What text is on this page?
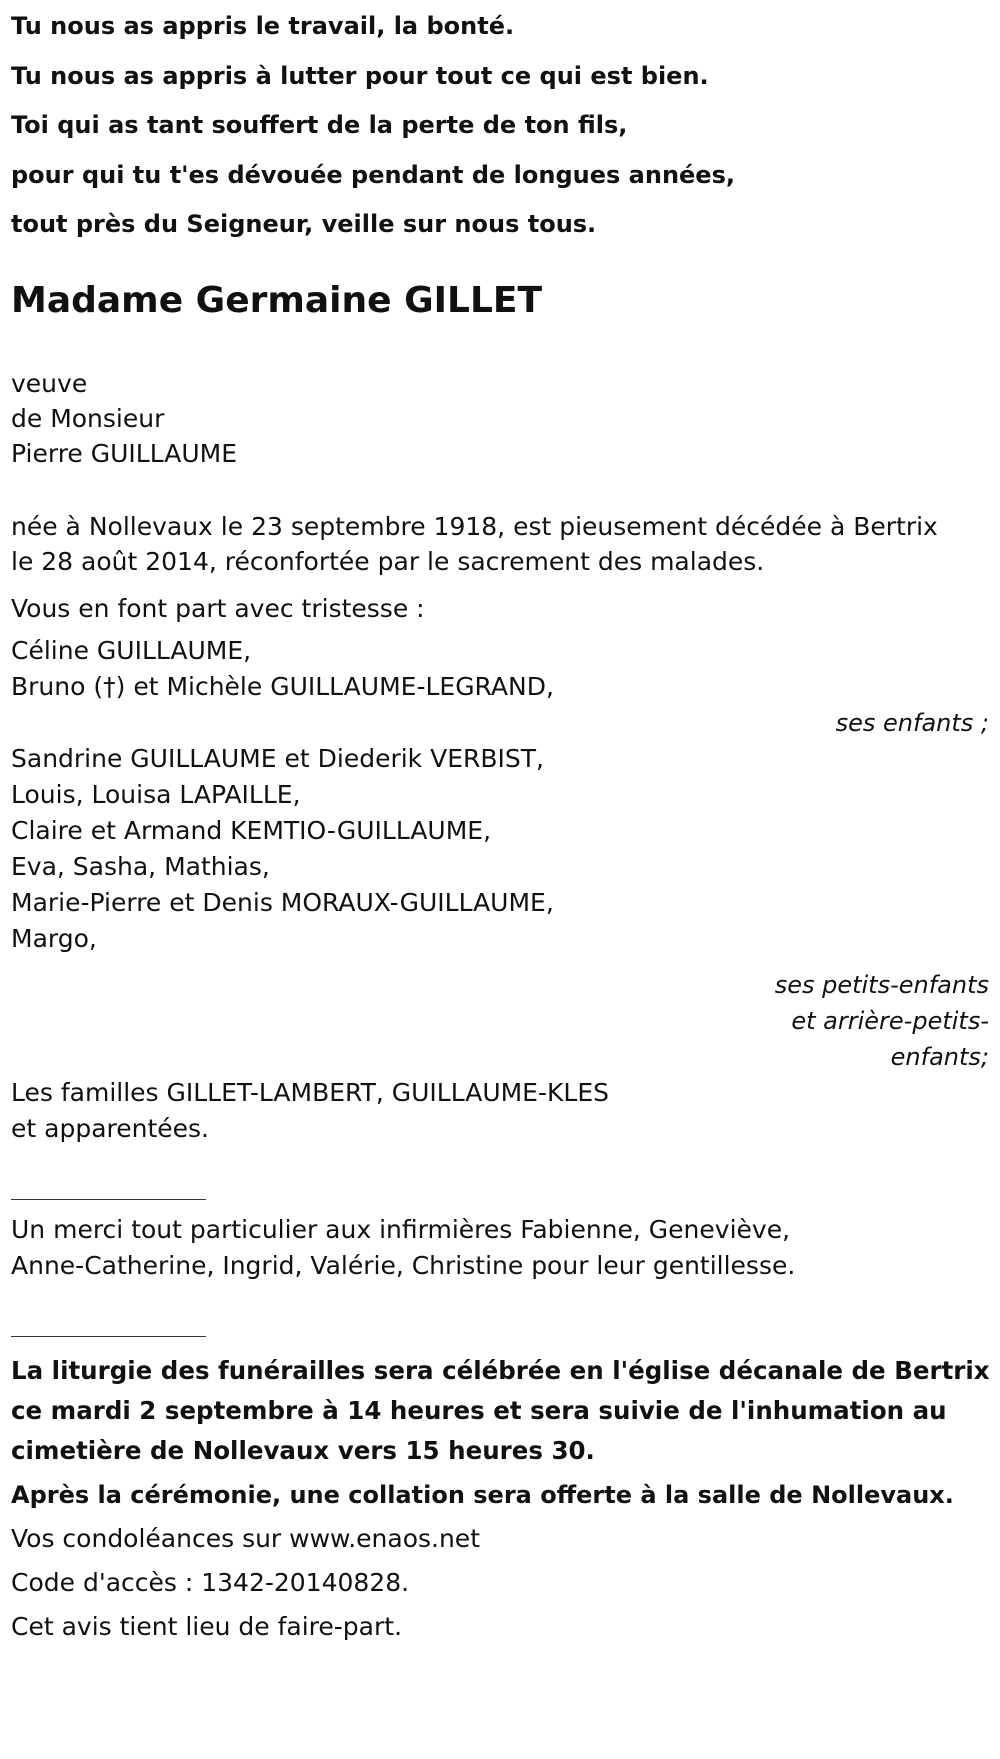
Tu nous as appris le travail, la bonté.
Tu nous as appris à lutter pour tout ce qui est bien.
Toi qui as tant souffert de la perte de ton fils,
pour qui tu t'es dévouée pendant de longues années,
tout près du Seigneur, veille sur nous tous.
Madame Germaine GILLET
veuve
de Monsieur
Pierre GUILLAUME
née à Nollevaux le 23 septembre 1918, est pieusement décédée à Bertrix
le 28 août 2014, réconfortée par le sacrement des malades.
Vous en font part avec tristesse :
Céline GUILLAUME,
Bruno (†) et Michèle GUILLAUME-LEGRAND,
ses enfants ;
Sandrine GUILLAUME et Diederik VERBIST,
Louis, Louisa LAPAILLE,
Claire et Armand KEMTIO-GUILLAUME,
Eva, Sasha, Mathias,
Marie-Pierre et Denis MORAUX-GUILLAUME,
Margo,
ses petits-enfants
et arrière-petits-
enfants;
Les familles GILLET-LAMBERT, GUILLAUME-KLES
et apparentées.
Un merci tout particulier aux infirmières Fabienne, Geneviève,
Anne-Catherine, Ingrid, Valérie, Christine pour leur gentillesse.
La liturgie des funérailles sera célébrée en l'église décanale de Bertrix
ce mardi 2 septembre à 14 heures et sera suivie de l'inhumation au
cimetière de Nollevaux vers 15 heures 30.
Après la cérémonie, une collation sera offerte à la salle de Nollevaux.
Vos condoléances sur www.enaos.net
Code d'accès : 1342-20140828.
Cet avis tient lieu de faire-part.
